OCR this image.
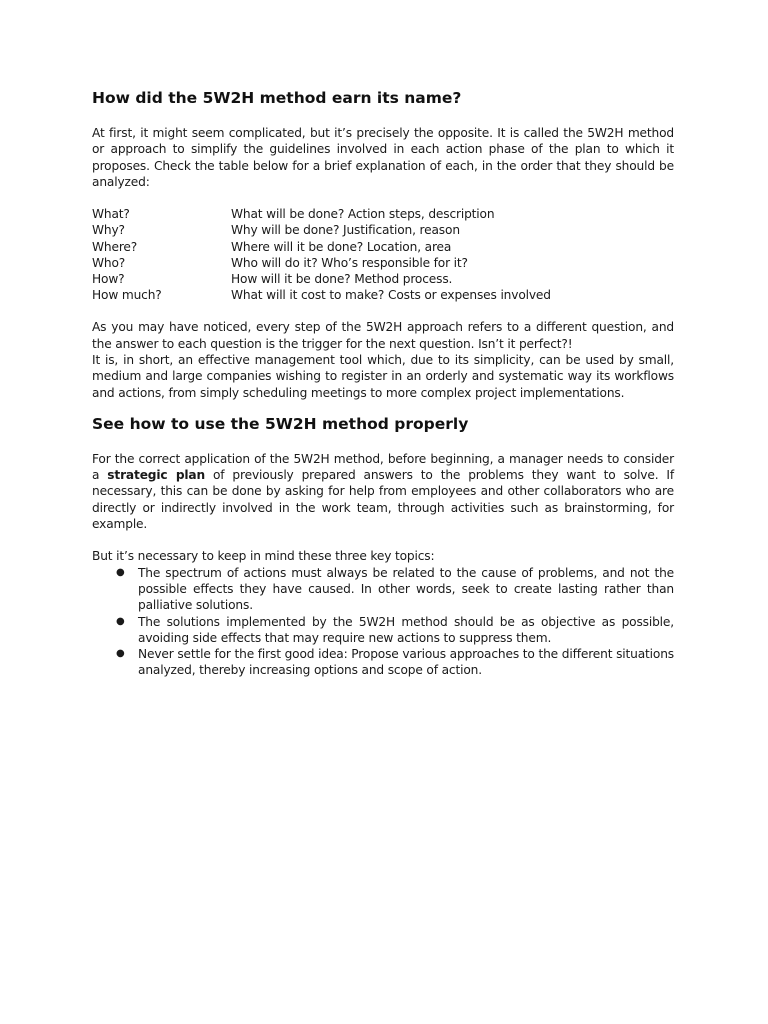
How did the 5W2H method earn its name?

At first, it might seem complicated, but it’s precisely the opposite. It is called the 5W2H method or approach to simplify the guidelines involved in each action phase of the plan to which it proposes. Check the table below for a brief explanation of each, in the order that they should be analyzed:

What?	What will be done? Action steps, description
Why?	Why will be done? Justification, reason
Where?	Where will it be done? Location, area
Who?	Who will do it? Who’s responsible for it?
How?	How will it be done? Method process.
How much?	What will it cost to make? Costs or expenses involved

As you may have noticed, every step of the 5W2H approach refers to a different question, and the answer to each question is the trigger for the next question. Isn’t it perfect?!

It is, in short, an effective management tool which, due to its simplicity, can be used by small, medium and large companies wishing to register in an orderly and systematic way its workflows and actions, from simply scheduling meetings to more complex project implementations.

See how to use the 5W2H method properly

For the correct application of the 5W2H method, before beginning, a manager needs to consider a strategic plan of previously prepared answers to the problems they want to solve. If necessary, this can be done by asking for help from employees and other collaborators who are directly or indirectly involved in the work team, through activities such as brainstorming, for example.

But it’s necessary to keep in mind these three key topics:

● The spectrum of actions must always be related to the cause of problems, and not the possible effects they have caused. In other words, seek to create lasting rather than palliative solutions.
● The solutions implemented by the 5W2H method should be as objective as possible, avoiding side effects that may require new actions to suppress them.
● Never settle for the first good idea: Propose various approaches to the different situations analyzed, thereby increasing options and scope of action.
